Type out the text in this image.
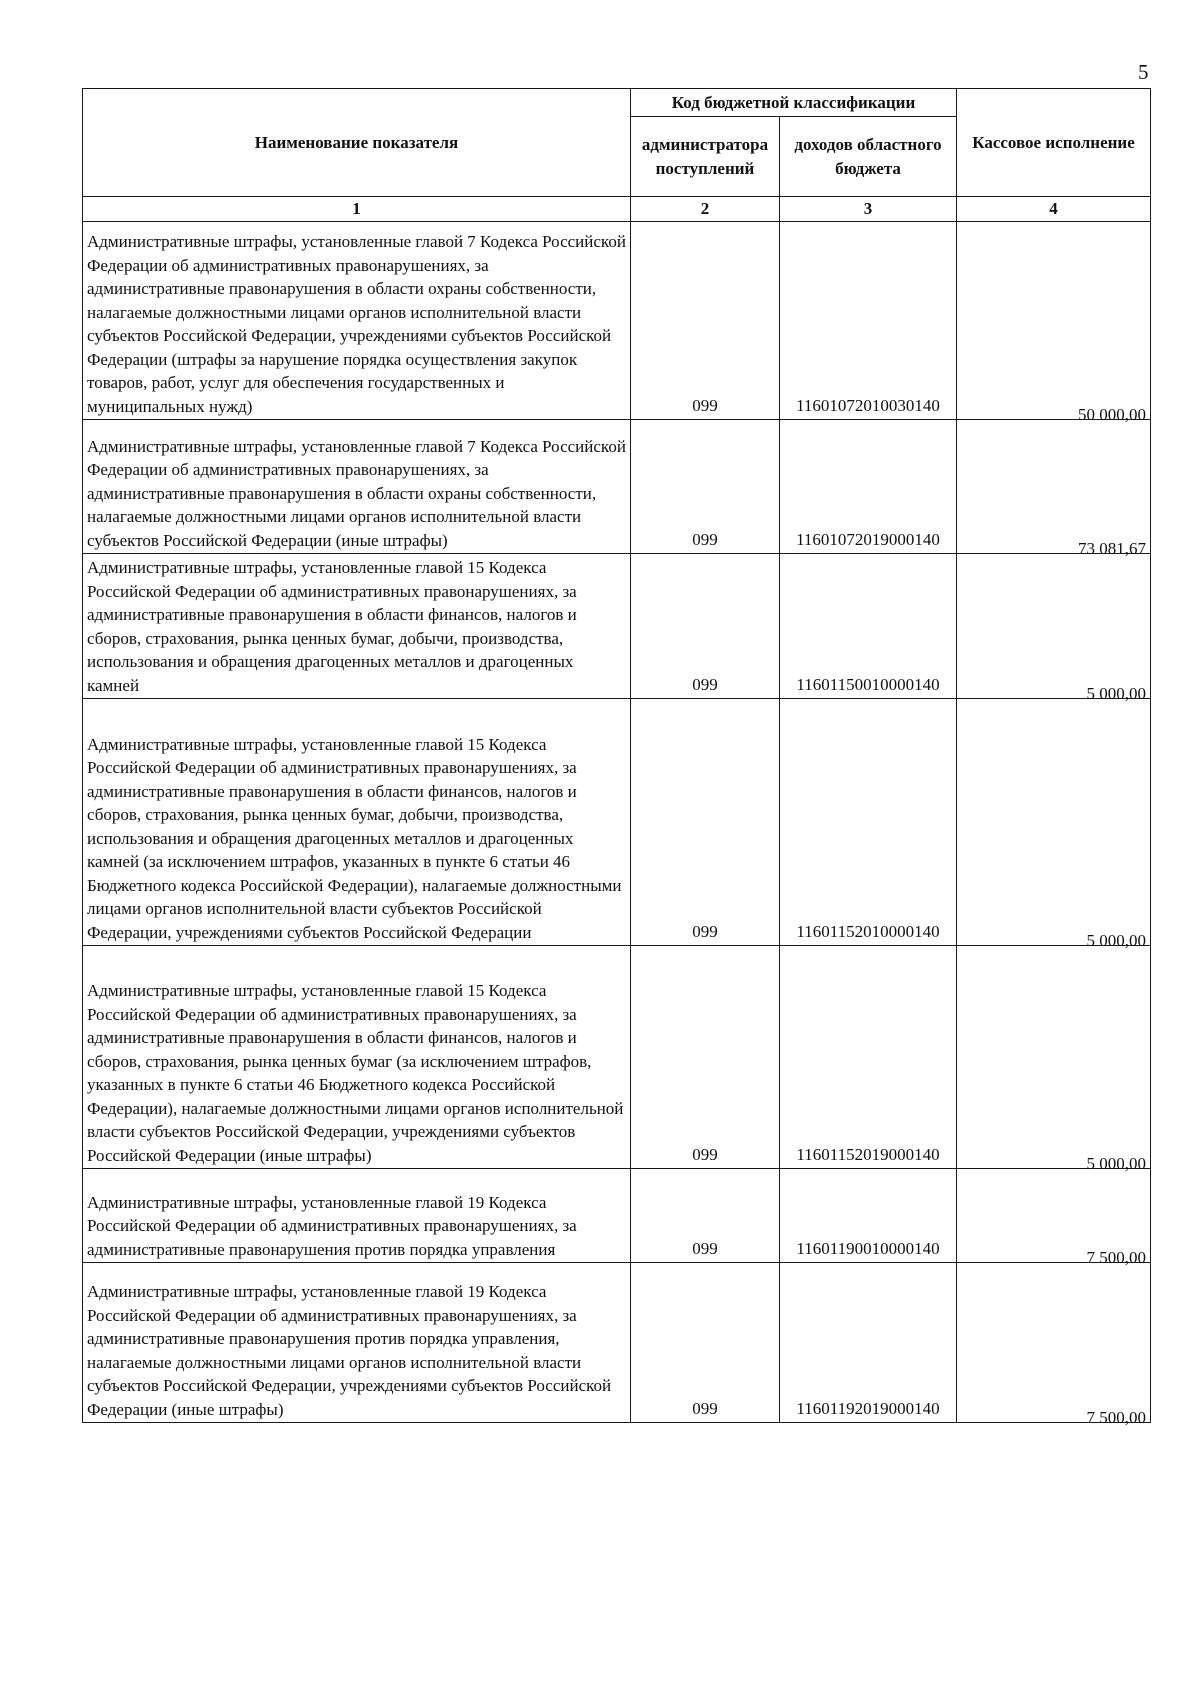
5
Наименование показателя	Код бюджетной классификации		Кассовое исполнение
	администратора поступлений	доходов областного бюджета	
1	2	3	4
Административные штрафы, установленные главой 7 Кодекса Российской Федерации об административных правонарушениях, за административные правонарушения в области охраны собственности, налагаемые должностными лицами органов исполнительной власти субъектов Российской Федерации, учреждениями субъектов Российской Федерации (штрафы за нарушение порядка осуществления закупок товаров, работ, услуг для обеспечения государственных и муниципальных нужд)	099	11601072010030140	50 000,00

Административные штрафы, установленные главой 7 Кодекса Российской Федерации об административных правонарушениях, за административные правонарушения в области охраны собственности, налагаемые должностными лицами органов исполнительной власти субъектов Российской Федерации (иные штрафы)	099	11601072019000140	73 081,67

Административные штрафы, установленные главой 15 Кодекса Российской Федерации об административных правонарушениях, за административные правонарушения в области финансов, налогов и сборов, страхования, рынка ценных бумаг, добычи, производства, использования и обращения драгоценных металлов и драгоценных камней	099	11601150010000140	5 000,00

Административные штрафы, установленные главой 15 Кодекса Российской Федерации об административных правонарушениях, за административные правонарушения в области финансов, налогов и сборов, страхования, рынка ценных бумаг, добычи, производства, использования и обращения драгоценных металлов и драгоценных камней (за исключением штрафов, указанных в пункте 6 статьи 46 Бюджетного кодекса Российской Федерации), налагаемые должностными лицами органов исполнительной власти субъектов Российской Федерации, учреждениями субъектов Российской Федерации	099	11601152010000140	5 000,00

Административные штрафы, установленные главой 15 Кодекса Российской Федерации об административных правонарушениях, за административные правонарушения в области финансов, налогов и сборов, страхования, рынка ценных бумаг (за исключением штрафов, указанных в пункте 6 статьи 46 Бюджетного кодекса Российской Федерации), налагаемые должностными лицами органов исполнительной власти субъектов Российской Федерации, учреждениями субъектов Российской Федерации (иные штрафы)	099	11601152019000140	5 000,00

Административные штрафы, установленные главой 19 Кодекса Российской Федерации об административных правонарушениях, за административные правонарушения против порядка управления	099	11601190010000140	7 500,00

Административные штрафы, установленные главой 19 Кодекса Российской Федерации об административных правонарушениях, за административные правонарушения против порядка управления, налагаемые должностными лицами органов исполнительной власти субъектов Российской Федерации, учреждениями субъектов Российской Федерации (иные штрафы)	099	11601192019000140	7 500,00
